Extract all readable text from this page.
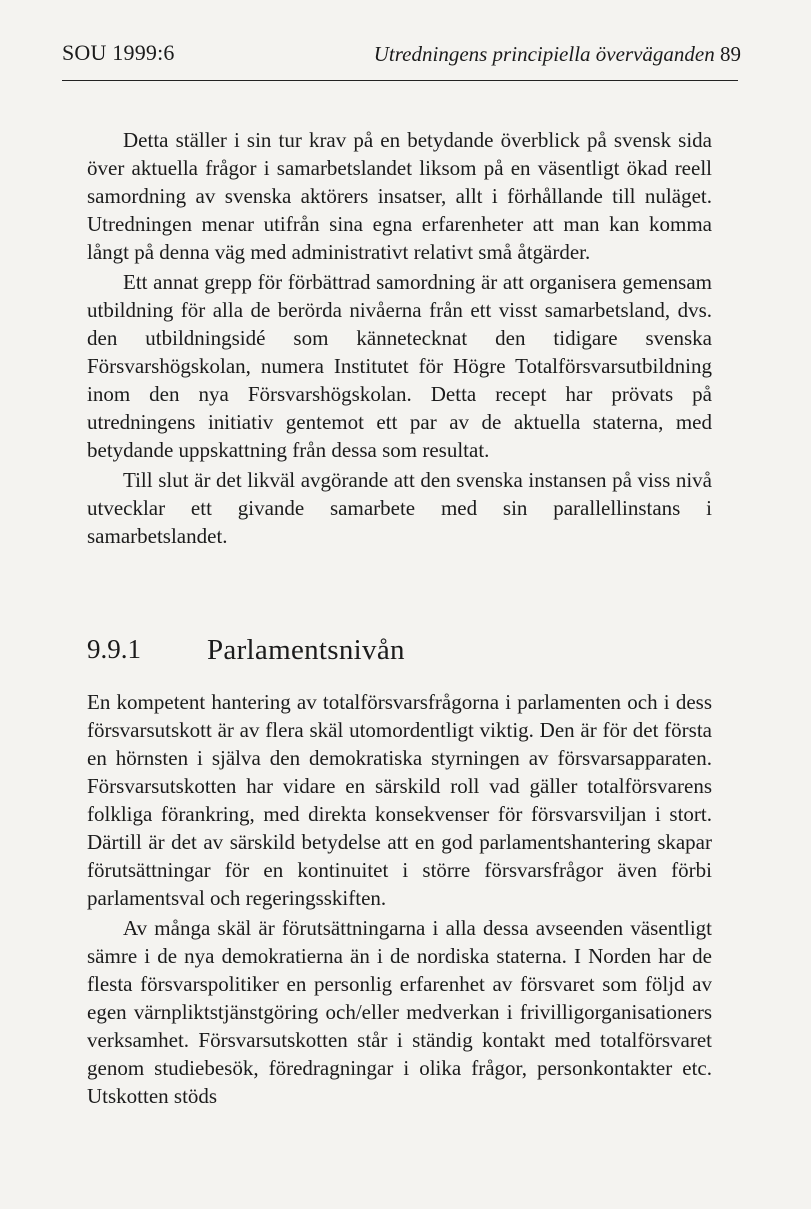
SOU 1999:6	Utredningens principiella överväganden 89

Detta ställer i sin tur krav på en betydande överblick på svensk sida över aktuella frågor i samarbetslandet liksom på en väsentligt ökad reell samordning av svenska aktörers insatser, allt i förhållande till nuläget. Utredningen menar utifrån sina egna erfarenheter att man kan komma långt på denna väg med administrativt relativt små åtgärder.

Ett annat grepp för förbättrad samordning är att organisera gemensam utbildning för alla de berörda nivåerna från ett visst samarbetsland, dvs. den utbildningsidé som kännetecknat den tidigare svenska Försvarshögskolan, numera Institutet för Högre Totalförsvarsutbildning inom den nya Försvarshögskolan. Detta recept har prövats på utredningens initiativ gentemot ett par av de aktuella staterna, med betydande uppskattning från dessa som resultat.

Till slut är det likväl avgörande att den svenska instansen på viss nivå utvecklar ett givande samarbete med sin parallellinstans i samarbetslandet.

9.9.1 Parlamentsnivån

En kompetent hantering av totalförsvarsfrågorna i parlamenten och i dess försvarsutskott är av flera skäl utomordentligt viktig. Den är för det första en hörnsten i själva den demokratiska styrningen av försvarsapparaten. Försvarsutskotten har vidare en särskild roll vad gäller totalförsvarens folkliga förankring, med direkta konsekvenser för försvarsviljan i stort. Därtill är det av särskild betydelse att en god parlamentshantering skapar förutsättningar för en kontinuitet i större försvarsfrågor även förbi parlamentsval och regeringsskiften.

Av många skäl är förutsättningarna i alla dessa avseenden väsentligt sämre i de nya demokratierna än i de nordiska staterna. I Norden har de flesta försvarspolitiker en personlig erfarenhet av försvaret som följd av egen värnpliktstjänstgöring och/eller medverkan i frivilligorganisationers verksamhet. Försvarsutskotten står i ständig kontakt med totalförsvaret genom studiebesök, föredragningar i olika frågor, personkontakter etc. Utskotten stöds
